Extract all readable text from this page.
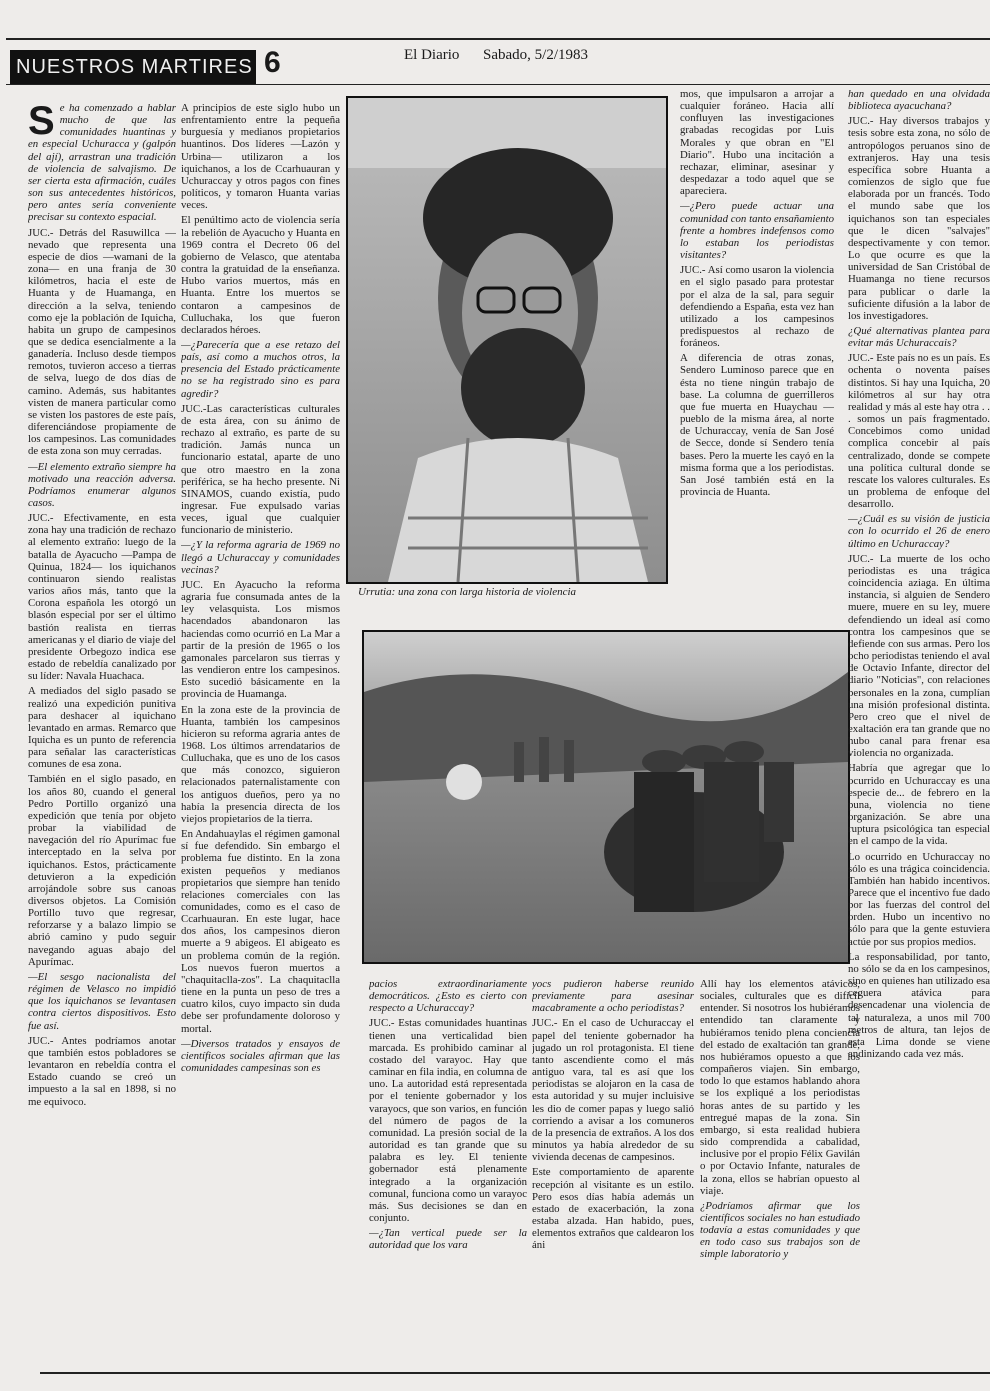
NUESTROS MARTIRES 6	El Diario Sabado, 5/2/1983
S e ha comenzado a hablar mucho de que las comunidades huantinas y en especial Uchuracca y (galpón del ají), arrastran una tradición de violencia de salvajismo. De ser cierta esta afirmación, cuáles son sus antecedentes históricos, pero antes sería conveniente precisar su contexto espacial.

JUC.- Detrás del Rasuwillca —nevado que representa una especie de dios —wamani de la zona— en una franja de 30 kilómetros, hacia el este de Huanta y de Huamanga, en dirección a la selva, teniendo como eje la población de Iquicha, habita un grupo de campesinos que se dedica esencialmente a la ganadería. Incluso desde tiempos remotos, tuvieron acceso a tierras de selva, luego de dos días de camino. Además, sus habitantes visten de manera particular como se visten los pastores de este país, diferenciándose propiamente de los campesinos. Las comunidades de esta zona son muy cerradas.

—El elemento extraño siempre ha motivado una reacción adversa. Podríamos enumerar algunos casos.

JUC.- Efectivamente, en esta zona hay una tradición de rechazo al elemento extraño: luego de la batalla de Ayacucho —Pampa de Quinua, 1824— los iquichanos continuaron siendo realistas varios años más, tanto que la Corona española les otorgó un blasón especial por ser el último bastión realista en tierras americanas y el diario de viaje del presidente Orbegozo indica ese estado de rebeldía canalizado por su líder: Navala Huachaca.

A mediados del siglo pasado se realizó una expedición punitiva para deshacer al iquichano levantado en armas. Remarco que Iquicha es un punto de referencia para señalar las características comunes de esa zona.

También en el siglo pasado, en los años 80, cuando el general Pedro Portillo organizó una expedición que tenía por objeto probar la viabilidad de navegación del río Apurímac fue interceptado en la selva por iquichanos. Estos, prácticamente detuvieron a la expedición arrojándole sobre sus canoas diversos objetos. La Comisión Portillo tuvo que regresar, reforzarse y a balazo limpio se abrió camino y pudo seguir navegando aguas abajo del Apurímac.

—El sesgo nacionalista del régimen de Velasco no impidió que los iquichanos se levantasen contra ciertos dispositivos. Esto fue así.

JUC.- Antes podríamos anotar que también estos pobladores se levantaron en rebeldía contra el Estado cuando se creó un impuesto a la sal en 1898, si no me equivoco.

A principios de este siglo hubo un enfrentamiento entre la pequeña burguesía y medianos propietarios huantinos. Dos líderes —Lazón y Urbina— utilizaron a los iquichanos, a los de Ccarhuauran y Uchuraccay y otros pagos con fines políticos, y tomaron Huanta varias veces.

El penúltimo acto de violencia sería la rebelión de Ayacucho y Huanta en 1969 contra el Decreto 06 del gobierno de Velasco, que atentaba contra la gratuidad de la enseñanza. Hubo varios muertos, más en Huanta. Entre los muertos se contaron a campesinos de Culluchaka, los que fueron declarados héroes.

—¿Parecería que a ese retazo del país, así como a muchos otros, la presencia del Estado prácticamente no se ha registrado sino es para agredir?

JUC.-Las características culturales de esta área, con su ánimo de rechazo al extraño, es parte de su tradición. Jamás nunca un funcionario estatal, aparte de uno que otro maestro en la zona periférica, se ha hecho presente. Ni SINAMOS, cuando existía, pudo ingresar. Fue expulsado varias veces, igual que cualquier funcionario de ministerio.

—¿Y la reforma agraria de 1969 no llegó a Uchuraccay y comunidades vecinas?

JUC. En Ayacucho la reforma agraria fue consumada antes de la ley velasquista. Los mismos hacendados abandonaron las haciendas como ocurrió en La Mar a partir de la presión de 1965 o los gamonales parcelaron sus tierras y las vendieron entre los campesinos. Esto sucedió básicamente en la provincia de Huamanga.

En la zona este de la provincia de Huanta, también los campesinos hicieron su reforma agraria antes de 1968. Los últimos arrendatarios de Culluchaka, que es uno de los casos que más conozco, siguieron relacionados paternalistamente con los antiguos dueños, pero ya no había la presencia directa de los viejos propietarios de la tierra.

En Andahuaylas el régimen gamonal sí fue defendido. Sin embargo el problema fue distinto. En la zona existen pequeños y medianos propietarios que siempre han tenido relaciones comerciales con las comunidades, como es el caso de Ccarhuauran. En este lugar, hace dos años, los campesinos dieron muerte a 9 abigeos. El abigeato es un problema común de la región. Los nuevos fueron muertos a "chaquitaclla-zos". La chaquitaclla tiene en la punta un peso de tres a cuatro kilos, cuyo impacto sin duda debe ser profundamente doloroso y mortal.

—Diversos tratados y ensayos de científicos sociales afirman que las comunidades campesinas son es

Urrutia: una zona con larga historia de violencia

pacios extraordinariamente democráticos. ¿Esto es cierto con respecto a Uchuraccay?

JUC.- Estas comunidades huantinas tienen una verticalidad bien marcada. Es prohibido caminar al costado del varayoc. Hay que caminar en fila india, en columna de uno. La autoridad está representada por el teniente gobernador y los varayocs, que son varios, en función del número de pagos de la comunidad. La presión social de la autoridad es tan grande que su palabra es ley. El teniente gobernador está plenamente integrado a la organización comunal, funciona como un varayoc más. Sus decisiones se dan en conjunto.

—¿Tan vertical puede ser la autoridad que los vara

yocs pudieron haberse reunido previamente para asesinar macabramente a ocho periodistas?

JUC.- En el caso de Uchuraccay el papel del teniente gobernador ha jugado un rol protagonista. El tiene tanto ascendiente como el más antiguo vara, tal es así que los periodistas se alojaron en la casa de esta autoridad y su mujer incluisive les dio de comer papas y luego salió corriendo a avisar a los comuneros de la presencia de extraños. A los dos minutos ya había alrededor de su vivienda decenas de campesinos.

Este comportamiento de aparente recepción al visitante es un estilo. Pero esos días había además un estado de exacerbación, la zona estaba alzada. Han habido, pues, elementos extraños que caldearon los áni

mos, que impulsaron a arrojar a cualquier foráneo. Hacia allí confluyen las investigaciones grabadas recogidas por Luis Morales y que obran en "El Diario". Hubo una incitación a rechazar, eliminar, asesinar y despedazar a todo aquel que se apareciera.

—¿Pero puede actuar una comunidad con tanto ensañamiento frente a hombres indefensos como lo estaban los periodistas visitantes?

JUC.- Así como usaron la violencia en el siglo pasado para protestar por el alza de la sal, para seguir defendiendo a España, esta vez han utilizado a los campesinos predispuestos al rechazo de foráneos.

A diferencia de otras zonas, Sendero Luminoso parece que en ésta no tiene ningún trabajo de base. La columna de guerrilleros que fue muerta en Huaychau —pueblo de la misma área, al norte de Uchuraccay, venía de San José de Secce, donde sí Sendero tenía bases. Pero la muerte les cayó en la misma forma que a los periodistas. San José también está en la provincia de Huanta.

Allí hay los elementos atávicos, sociales, culturales que es difícil entender. Si nosotros los hubiéramos entendido tan claramente y hubiéramos tenido plena conciencia del estado de exaltación tan grande, nos hubiéramos opuesto a que los compañeros viajen. Sin embargo, todo lo que estamos hablando ahora se los expliqué a los periodistas horas antes de su partido y les entregué mapas de la zona. Sin embargo, si esta realidad hubiera sido comprendida a cabalidad, inclusive por el propio Félix Gavilán o por Octavio Infante, naturales de la zona, ellos se habrían opuesto al viaje.

¿Podríamos afirmar que los científicos sociales no han estudiado todavía a estas comunidades y que en todo caso sus trabajos son de simple laboratorio y

han quedado en una olvidada biblioteca ayacuchana?

JUC.- Hay diversos trabajos y tesis sobre esta zona, no sólo de antropólogos peruanos sino de extranjeros. Hay una tesis específica sobre Huanta a comienzos de siglo que fue elaborada por un francés. Todo el mundo sabe que los iquichanos son tan especiales que le dicen "salvajes" despectivamente y con temor. Lo que ocurre es que la universidad de San Cristóbal de Huamanga no tiene recursos para publicar o darle la suficiente difusión a la labor de los investigadores.

¿Qué alternativas plantea para evitar más Uchuraccais?

JUC.- Este país no es un país. Es ochenta o noventa países distintos. Si hay una Iquicha, 20 kilómetros al sur hay otra realidad y más al este hay otra . . . somos un país fragmentado. Concebimos como unidad complica concebir al país centralizado, donde se compete una política cultural donde se rescate los valores culturales. Es un problema de enfoque del desarrollo.

—¿Cuál es su visión de justicia con lo ocurrido el 26 de enero último en Uchuraccay?

JUC.- La muerte de los ocho periodistas es una trágica coincidencia aziaga. En última instancia, si alguien de Sendero muere, muere en su ley, muere defendiendo un ideal así como contra los campesinos que se defiende con sus armas. Pero los ocho periodistas teniendo el aval de Octavio Infante, director del diario "Noticias", con relaciones personales en la zona, cumplían una misión profesional distinta. Pero creo que el nivel de exaltación era tan grande que no hubo canal para frenar esa violencia no organizada.

Habría que agregar que lo ocurrido en Uchuraccay es una especie de... de febrero en la puna, violencia no tiene organización. Se abre una ruptura psicológica tan especial en el campo de la vida.

Lo ocurrido en Uchuraccay no sólo es una trágica coincidencia. También han habido incentivos. Parece que el incentivo fue dado por las fuerzas del control del orden. Hubo un incentivo no sólo para que la gente estuviera actúe por sus propios medios.

La responsabilidad, por tanto, no sólo se da en los campesinos, sino en quienes han utilizado esa ceguera atávica para desencadenar una violencia de tal naturaleza, a unos mil 700 metros de altura, tan lejos de esta Lima donde se viene andinizando cada vez más.
